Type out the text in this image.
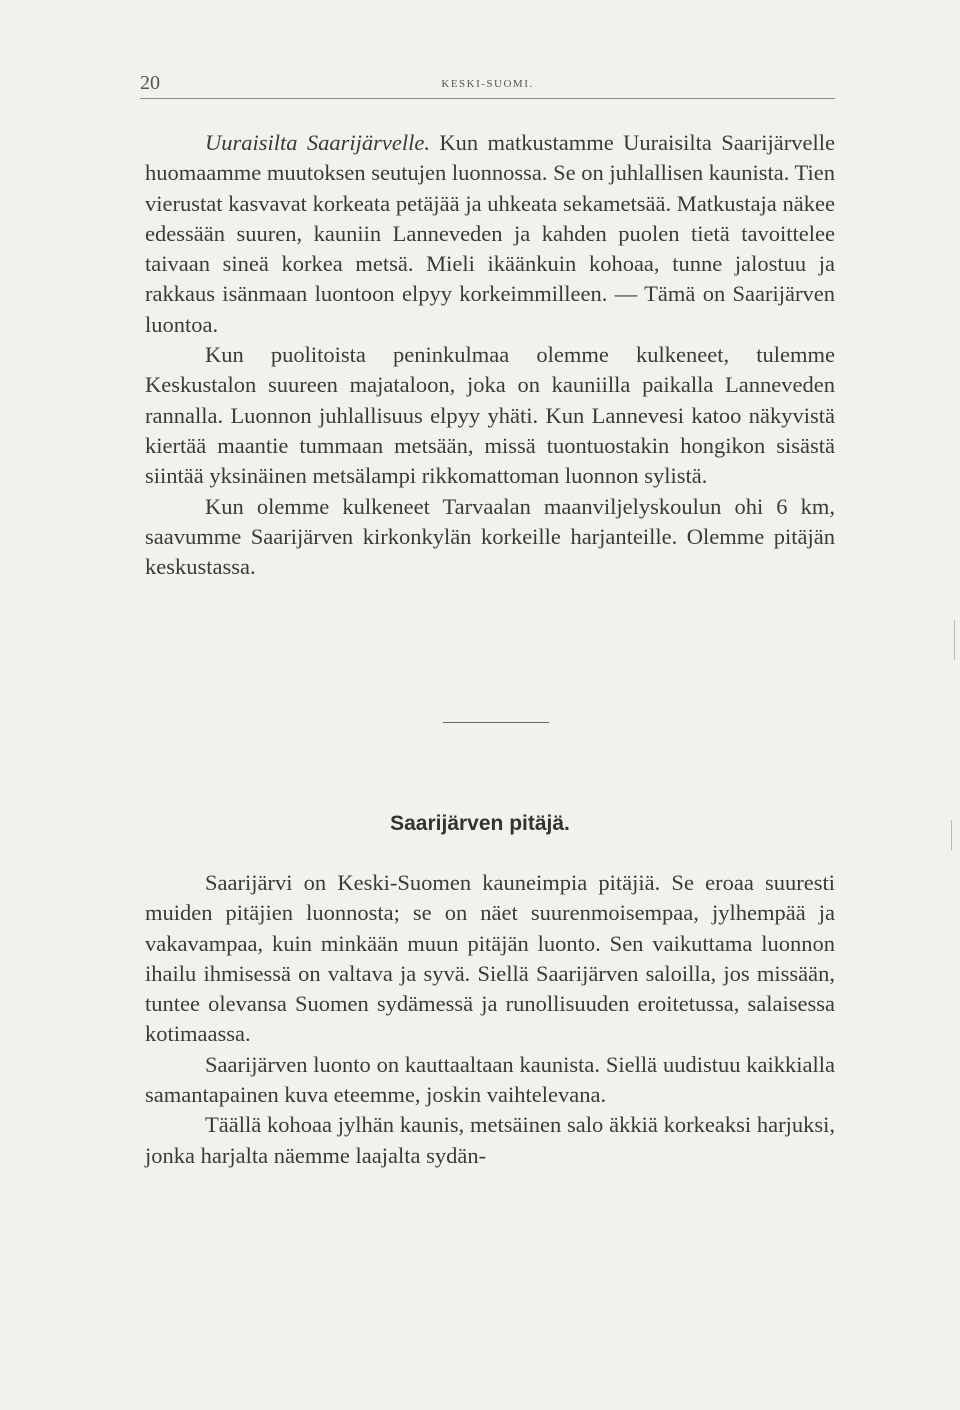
20	KESKI-SUOMI.

Uuraisilta Saarijärvelle. Kun matkustamme Uuraisilta Saarijärvelle huomaamme muutoksen seutujen luonnossa. Se on juhlallisen kaunista. Tien vierustat kasvavat korkeata petäjää ja uhkeata sekametsää. Matkustaja näkee edessään suuren, kauniin Lanneveden ja kahden puolen tietä tavoittelee taivaan sineä korkea metsä. Mieli ikäänkuin kohoaa, tunne jalostuu ja rakkaus isänmaan luontoon elpyy korkeimmilleen. — Tämä on Saarijärven luontoa.

Kun puolitoista peninkulmaa olemme kulkeneet, tulemme Keskustalon suureen majataloon, joka on kauniilla paikalla Lanneveden rannalla. Luonnon juhlallisuus elpyy yhäti. Kun Lannevesi katoo näkyvistä kiertää maantie tummaan metsään, missä tuontuostakin hongikon sisästä siintää yksinäinen metsälampi rikkomattoman luonnon sylistä.

Kun olemme kulkeneet Tarvaalan maanviljelyskoulun ohi 6 km, saavumme Saarijärven kirkonkylän korkeille harjanteille. Olemme pitäjän keskustassa.

Saarijärven pitäjä.

Saarijärvi on Keski-Suomen kauneimpia pitäjiä. Se eroaa suuresti muiden pitäjien luonnosta; se on näet suurenmoisempaa, jylhempää ja vakavampaa, kuin minkään muun pitäjän luonto. Sen vaikuttama luonnon ihailu ihmisessä on valtava ja syvä. Siellä Saarijärven saloilla, jos missään, tuntee olevansa Suomen sydämessä ja runollisuuden eroitetussa, salaisessa kotimaassa.

Saarijärven luonto on kauttaaltaan kaunista. Siellä uudistuu kaikkialla samantapainen kuva eteemme, joskin vaihtelevana.

Täällä kohoaa jylhän kaunis, metsäinen salo äkkiä korkeaksi harjuksi, jonka harjalta näemme laajalta sydän-
